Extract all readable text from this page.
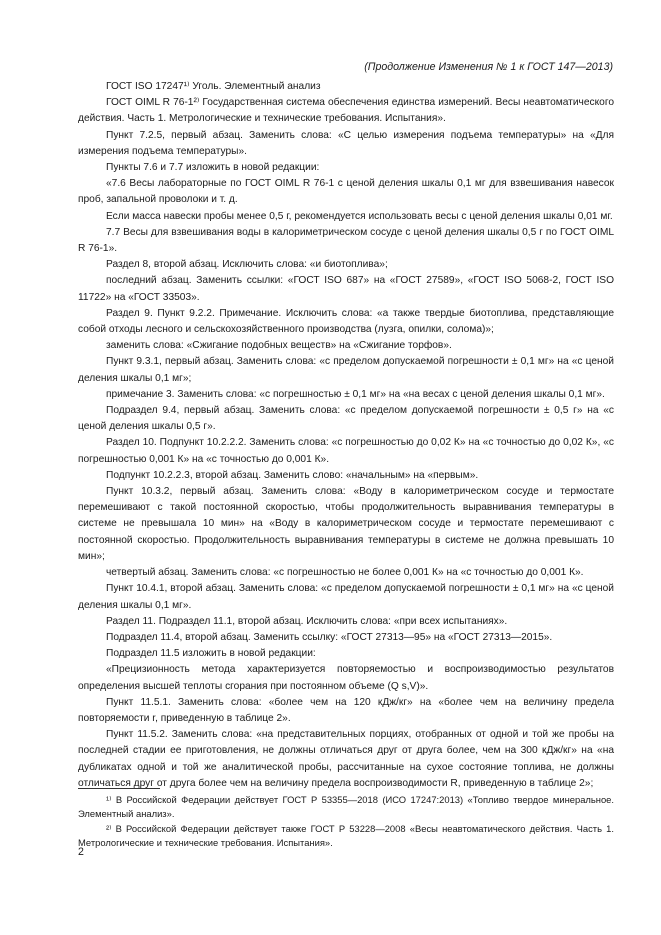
(Продолжение Изменения № 1 к ГОСТ 147—2013)

ГОСТ ISO 17247¹⁾ Уголь. Элементный анализ

ГОСТ OIML R 76-1²⁾ Государственная система обеспечения единства измерений. Весы неавтоматического действия. Часть 1. Метрологические и технические требования. Испытания».

Пункт 7.2.5, первый абзац. Заменить слова: «С целью измерения подъема температуры» на «Для измерения подъема температуры».

Пункты 7.6 и 7.7 изложить в новой редакции:

«7.6 Весы лабораторные по ГОСТ OIML R 76-1 с ценой деления шкалы 0,1 мг для взвешивания навесок проб, запальной проволоки и т. д.

Если масса навески пробы менее 0,5 г, рекомендуется использовать весы с ценой деления шкалы 0,01 мг.

7.7 Весы для взвешивания воды в калориметрическом сосуде с ценой деления шкалы 0,5 г по ГОСТ OIML R 76-1».

Раздел 8, второй абзац. Исключить слова: «и биотоплива»;

последний абзац. Заменить ссылки: «ГОСТ ISO 687» на «ГОСТ 27589», «ГОСТ ISO 5068-2, ГОСТ ISO 11722» на «ГОСТ 33503».

Раздел 9. Пункт 9.2.2. Примечание. Исключить слова: «а также твердые биотоплива, представляющие собой отходы лесного и сельскохозяйственного производства (лузга, опилки, солома)»;

заменить слова: «Сжигание подобных веществ» на «Сжигание торфов».

Пункт 9.3.1, первый абзац. Заменить слова: «с пределом допускаемой погрешности ± 0,1 мг» на «с ценой деления шкалы 0,1 мг»;

примечание 3. Заменить слова: «с погрешностью ± 0,1 мг» на «на весах с ценой деления шкалы 0,1 мг».

Подраздел 9.4, первый абзац. Заменить слова: «с пределом допускаемой погрешности ± 0,5 г» на «с ценой деления шкалы 0,5 г».

Раздел 10. Подпункт 10.2.2.2. Заменить слова: «с погрешностью до 0,02 К» на «с точностью до 0,02 К», «с погрешностью 0,001 К» на «с точностью до 0,001 К».

Подпункт 10.2.2.3, второй абзац. Заменить слово: «начальным» на «первым».

Пункт 10.3.2, первый абзац. Заменить слова: «Воду в калориметрическом сосуде и термостате перемешивают с такой постоянной скоростью, чтобы продолжительность выравнивания температуры в системе не превышала 10 мин» на «Воду в калориметрическом сосуде и термостате перемешивают с постоянной скоростью. Продолжительность выравнивания температуры в системе не должна превышать 10 мин»;

четвертый абзац. Заменить слова: «с погрешностью не более 0,001 К» на «с точностью до 0,001 К».

Пункт 10.4.1, второй абзац. Заменить слова: «с пределом допускаемой погрешности ± 0,1 мг» на «с ценой деления шкалы 0,1 мг».

Раздел 11. Подраздел 11.1, второй абзац. Исключить слова: «при всех испытаниях».

Подраздел 11.4, второй абзац. Заменить ссылку: «ГОСТ 27313—95» на «ГОСТ 27313—2015».

Подраздел 11.5 изложить в новой редакции:

«Прецизионность метода характеризуется повторяемостью и воспроизводимостью результатов определения высшей теплоты сгорания при постоянном объеме (Q s,V)».

Пункт 11.5.1. Заменить слова: «более чем на 120 кДж/кг» на «более чем на величину предела повторяемости r, приведенную в таблице 2».

Пункт 11.5.2. Заменить слова: «на представительных порциях, отобранных от одной и той же пробы на последней стадии ее приготовления, не должны отличаться друг от друга более, чем на 300 кДж/кг» на «на дубликатах одной и той же аналитической пробы, рассчитанные на сухое состояние топлива, не должны отличаться друг от друга более чем на величину предела воспроизводимости R, приведенную в таблице 2»;

¹⁾ В Российской Федерации действует ГОСТ Р 53355—2018 (ИСО 17247:2013) «Топливо твердое минеральное. Элементный анализ».

²⁾ В Российской Федерации действует также ГОСТ Р 53228—2008 «Весы неавтоматического действия. Часть 1. Метрологические и технические требования. Испытания».

2
